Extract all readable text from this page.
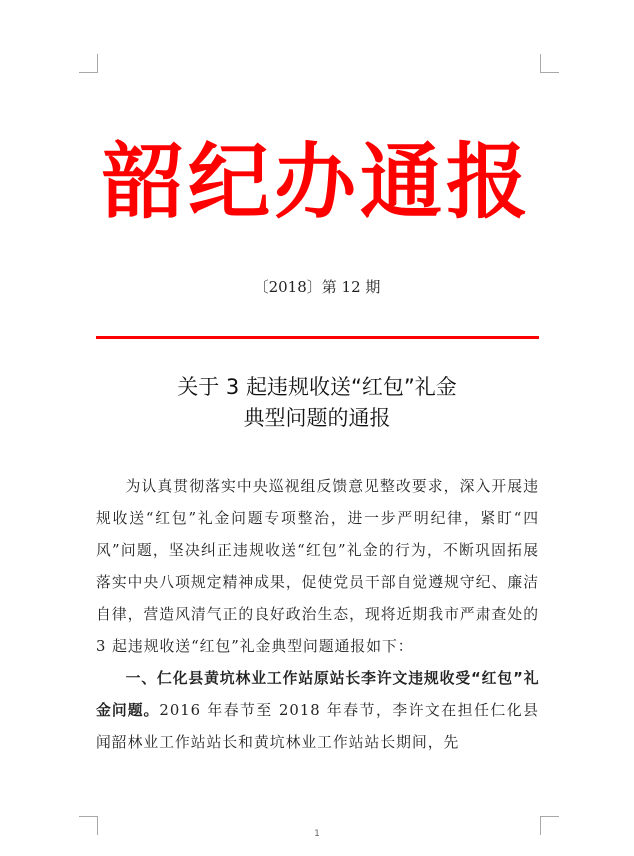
韶纪办通报
〔2018〕第 12 期
关于 3 起违规收送“红包”礼金
典型问题的通报

为认真贯彻落实中央巡视组反馈意见整改要求，深入开展违规收送“红包”礼金问题专项整治，进一步严明纪律，紧盯“四风”问题，坚决纠正违规收送“红包”礼金的行为，不断巩固拓展落实中央八项规定精神成果，促使党员干部自觉遵规守纪、廉洁自律，营造风清气正的良好政治生态，现将近期我市严肃查处的 3 起违规收送“红包”礼金典型问题通报如下：

一、仁化县黄坑林业工作站原站长李许文违规收受“红包”礼金问题。2016 年春节至 2018 年春节，李许文在担任仁化县闻韶林业工作站站长和黄坑林业工作站站长期间，先

1
